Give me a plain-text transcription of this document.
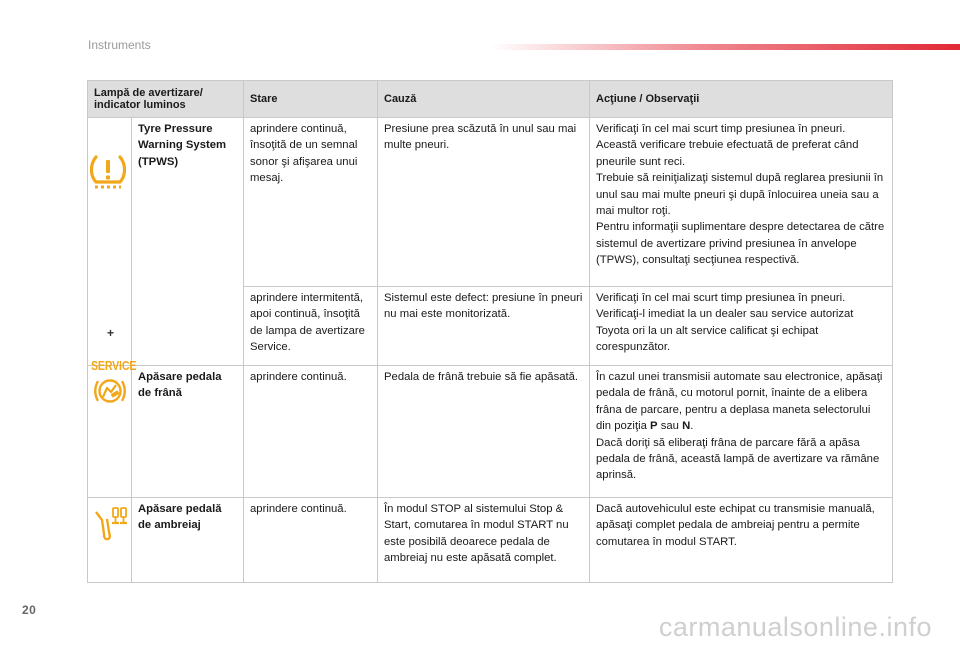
Instruments
Lampă de avertizare/ indicator luminos		Stare	Cauză	Acţiune / Observaţii

+
SERVICE	Tyre Pressure Warning System (TPWS)	aprindere continuă, însoţită de un semnal sonor şi afişarea unui mesaj.	Presiune prea scăzută în unul sau mai multe pneuri.	Verificaţi în cel mai scurt timp presiunea în pneuri.
Această verificare trebuie efectuată de preferat când pneurile sunt reci.
Trebuie să reiniţializaţi sistemul după reglarea presiunii în unul sau mai multe pneuri şi după înlocuirea uneia sau a mai multor roţi.
Pentru informaţii suplimentare despre detectarea de către sistemul de avertizare privind presiunea în anvelope (TPWS), consultaţi secţiunea respectivă.
		aprindere intermitentă, apoi continuă, însoţită de lampa de avertizare Service.	Sistemul este defect: presiune în pneuri nu mai este monitorizată.	Verificaţi în cel mai scurt timp presiunea în pneuri.
Verificaţi-l imediat la un dealer sau service autorizat Toyota ori la un alt service calificat şi echipat corespunzător.

	Apăsare pedala de frână	aprindere continuă.	Pedala de frână trebuie să fie apăsată.	În cazul unei transmisii automate sau electronice, apăsaţi pedala de frână, cu motorul pornit, înainte de a elibera frâna de parcare, pentru a deplasa maneta selectorului din poziţia P sau N.
Dacă doriţi să eliberaţi frâna de parcare fără a apăsa pedala de frână, această lampă de avertizare va rămâne aprinsă.

	Apăsare pedală de ambreiaj	aprindere continuă.	În modul STOP al sistemului Stop & Start, comutarea în modul START nu este posibilă deoarece pedala de ambreiaj nu este apăsată complet.	Dacă autovehiculul este echipat cu transmisie manuală, apăsaţi complet pedala de ambreiaj pentru a permite comutarea în modul START.
20
carmanualsonline.info
